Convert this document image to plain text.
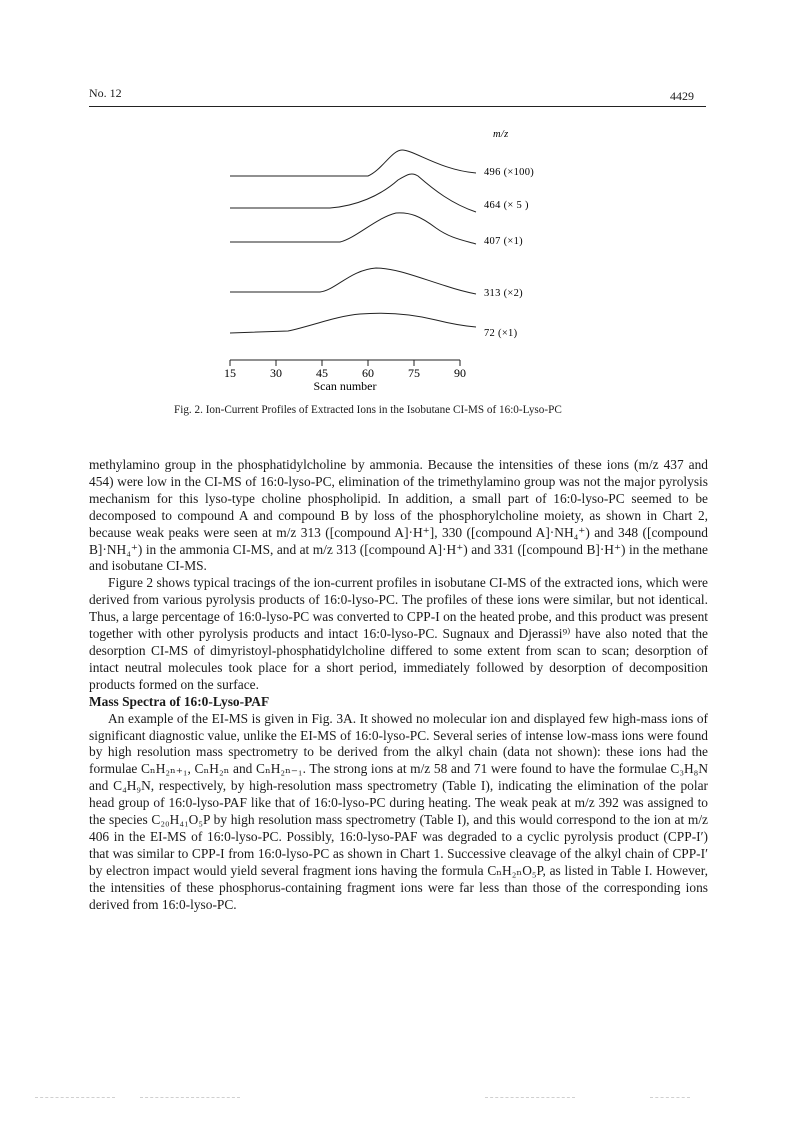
No. 12	4429
m/z
496 (×100)
464 (× 5 )
407 (×1)
313 (×2)
72 (×1)
15	30	45	60	75	90
Scan number
Fig. 2. Ion-Current Profiles of Extracted Ions in the Isobutane CI-MS of 16:0-Lyso-PC

methylamino group in the phosphatidylcholine by ammonia. Because the intensities of these ions (m/z 437 and 454) were low in the CI-MS of 16:0-lyso-PC, elimination of the trimethylamino group was not the major pyrolysis mechanism for this lyso-type choline phospholipid. In addition, a small part of 16:0-lyso-PC seemed to be decomposed to compound A and compound B by loss of the phosphorylcholine moiety, as shown in Chart 2, because weak peaks were seen at m/z 313 ([compound A]·H⁺], 330 ([compound A]·NH₄⁺) and 348 ([compound B]·NH₄⁺) in the ammonia CI-MS, and at m/z 313 ([compound A]·H⁺) and 331 ([compound B]·H⁺) in the methane and isobutane CI-MS.

Figure 2 shows typical tracings of the ion-current profiles in isobutane CI-MS of the extracted ions, which were derived from various pyrolysis products of 16:0-lyso-PC. The profiles of these ions were similar, but not identical. Thus, a large percentage of 16:0-lyso-PC was converted to CPP-I on the heated probe, and this product was present together with other pyrolysis products and intact 16:0-lyso-PC. Sugnaux and Djerassi⁹⁾ have also noted that the desorption CI-MS of dimyristoyl-phosphatidylcholine differed to some extent from scan to scan; desorption of intact neutral molecules took place for a short period, immediately followed by desorption of decomposition products formed on the surface.

Mass Spectra of 16:0-Lyso-PAF

An example of the EI-MS is given in Fig. 3A. It showed no molecular ion and displayed few high-mass ions of significant diagnostic value, unlike the EI-MS of 16:0-lyso-PC. Several series of intense low-mass ions were found by high resolution mass spectrometry to be derived from the alkyl chain (data not shown): these ions had the formulae CₙH₂ₙ₊₁, CₙH₂ₙ and CₙH₂ₙ₋₁. The strong ions at m/z 58 and 71 were found to have the formulae C₃H₈N and C₄H₉N, respectively, by high-resolution mass spectrometry (Table I), indicating the elimination of the polar head group of 16:0-lyso-PAF like that of 16:0-lyso-PC during heating. The weak peak at m/z 392 was assigned to the species C₂₀H₄₁O₅P by high resolution mass spectrometry (Table I), and this would correspond to the ion at m/z 406 in the EI-MS of 16:0-lyso-PC. Possibly, 16:0-lyso-PAF was degraded to a cyclic pyrolysis product (CPP-I′) that was similar to CPP-I from 16:0-lyso-PC as shown in Chart 1. Successive cleavage of the alkyl chain of CPP-I′ by electron impact would yield several fragment ions having the formula CₙH₂ₙO₅P, as listed in Table I. However, the intensities of these phosphorus-containing fragment ions were far less than those of the corresponding ions derived from 16:0-lyso-PC.
